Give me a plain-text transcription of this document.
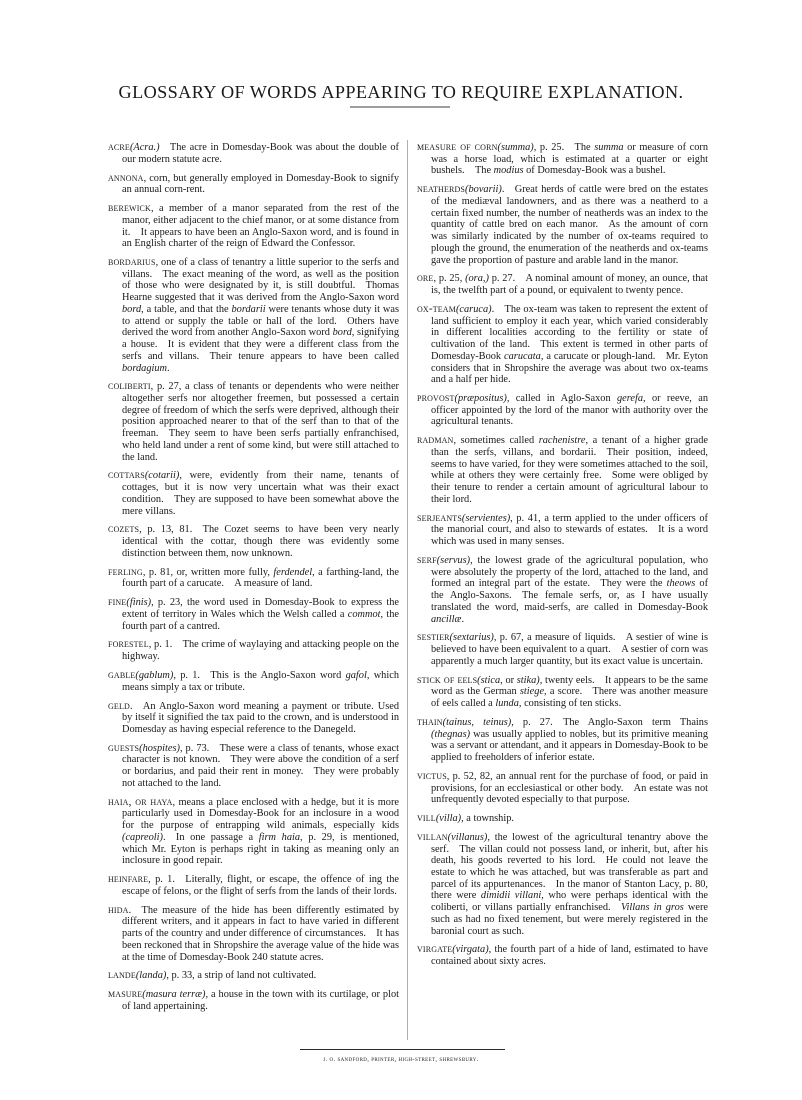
GLOSSARY OF WORDS APPEARING TO REQUIRE EXPLANATION.

acre(Acra.) The acre in Domesday-Book was about the double of our modern statute acre.

annona, corn, but generally employed in Domesday-Book to signify an annual corn-rent.

berewick, a member of a manor separated from the rest of the manor, either adjacent to the chief manor, or at some distance from it. It appears to have been an Anglo-Saxon word, and is found in an English charter of the reign of Edward the Confessor.

bordarius, one of a class of tenantry a little superior to the serfs and villans. The exact meaning of the word, as well as the position of those who were designated by it, is still doubtful. Thomas Hearne suggested that it was derived from the Anglo-Saxon word bord, a table, and that the bordarii were tenants whose duty it was to attend or supply the table or hall of the lord. Others have derived the word from another Anglo-Saxon word bord, signifying a house. It is evident that they were a different class from the serfs and villans. Their tenure appears to have been called bordagium.

coliberti, p. 27, a class of tenants or dependents who were neither altogether serfs nor altogether freemen, but possessed a certain degree of freedom of which the serfs were deprived, although their position approached nearer to that of the serf than to that of the freeman. They seem to have been serfs partially enfranchised, who held land under a rent of some kind, but were still attached to the land.

cottars(cotarii), were, evidently from their name, tenants of cottages, but it is now very uncertain what was their exact condition. They are supposed to have been somewhat above the mere villans.

cozets, p. 13, 81. The Cozet seems to have been very nearly identical with the cottar, though there was evidently some distinction between them, now unknown.

ferling, p. 81, or, written more fully, ferdendel, a farthing-land, the fourth part of a carucate. A measure of land.

fine(finis), p. 23, the word used in Domesday-Book to express the extent of territory in Wales which the Welsh called a commot, the fourth part of a cantred.

forestel, p. 1. The crime of waylaying and attacking people on the highway.

gable(gablum), p. 1. This is the Anglo-Saxon word gafol, which means simply a tax or tribute.

geld. An Anglo-Saxon word meaning a payment or tribute. Used by itself it signified the tax paid to the crown, and is understood in Domesday as having especial reference to the Danegeld.

guests(hospites), p. 73. These were a class of tenants, whose exact character is not known. They were above the condition of a serf or bordarius, and paid their rent in money. They were probably not attached to the land.

haia, or haya, means a place enclosed with a hedge, but it is more particularly used in Domesday-Book for an inclosure in a wood for the purpose of entrapping wild animals, especially kids (capreoli). In one passage a firm haia, p. 29, is mentioned, which Mr. Eyton is perhaps right in taking as meaning only an inclosure in good repair.

heinfare, p. 1. Literally, flight, or escape, the offence of ing the escape of felons, or the flight of serfs from the lands of their lords.

hida. The measure of the hide has been differently estimated by different writers, and it appears in fact to have varied in different parts of the country and under difference of circumstances. It has been reckoned that in Shropshire the average value of the hide was at the time of Domesday-Book 240 statute acres.

lande(landa), p. 33, a strip of land not cultivated.

masure(masura terræ), a house in the town with its curtilage, or plot of land appertaining.

measure of corn(summa), p. 25. The summa or measure of corn was a horse load, which is estimated at a quarter or eight bushels. The modius of Domesday-Book was a bushel.

neatherds(bovarii). Great herds of cattle were bred on the estates of the mediæval landowners, and as there was a neatherd to a certain fixed number, the number of neatherds was an index to the quantity of cattle bred on each manor. As the amount of corn was similarly indicated by the number of ox-teams required to plough the ground, the enumeration of the neatherds and ox-teams gave the proportion of pasture and arable land in the manor.

ore, p. 25, (ora,) p. 27. A nominal amount of money, an ounce, that is, the twelfth part of a pound, or equivalent to twenty pence.

ox-team(caruca). The ox-team was taken to represent the extent of land sufficient to employ it each year, which varied considerably in different localities according to the fertility or state of cultivation of the land. This extent is termed in other parts of Domesday-Book carucata, a carucate or plough-land. Mr. Eyton considers that in Shropshire the average was about two ox-teams and a half per hide.

provost(præpositus), called in Aglo-Saxon gerefa, or reeve, an officer appointed by the lord of the manor with authority over the agricultural tenants.

radman, sometimes called rachenistre, a tenant of a higher grade than the serfs, villans, and bordarii. Their position, indeed, seems to have varied, for they were sometimes attached to the soil, while at others they were certainly free. Some were obliged by their tenure to render a certain amount of agricultural labour to their lord.

serjeants(servientes), p. 41, a term applied to the under officers of the manorial court, and also to stewards of estates. It is a word which was used in many senses.

serf(servus), the lowest grade of the agricultural population, who were absolutely the property of the lord, attached to the land, and formed an integral part of the estate. They were the theows of the Anglo-Saxons. The female serfs, or, as I have usually translated the word, maid-serfs, are called in Domesday-Book ancillæ.

sestier(sextarius), p. 67, a measure of liquids. A sestier of wine is believed to have been equivalent to a quart. A sestier of corn was apparently a much larger quantity, but its exact value is uncertain.

stick of eels(stica, or stika), twenty eels. It appears to be the same word as the German stiege, a score. There was another measure of eels called a lunda, consisting of ten sticks.

thain(tainus, teinus), p. 27. The Anglo-Saxon term Thains (thegnas) was usually applied to nobles, but its primitive meaning was a servant or attendant, and it appears in Domesday-Book to be applied to freeholders of inferior estate.

victus, p. 52, 82, an annual rent for the purchase of food, or paid in provisions, for an ecclesiastical or other body. An estate was not unfrequently devoted especially to that purpose.

vill(villa), a township.

villan(villanus), the lowest of the agricultural tenantry above the serf. The villan could not possess land, or inherit, but, after his death, his goods reverted to his lord. He could not leave the estate to which he was attached, but was transferable as part and parcel of its appurtenances. In the manor of Stanton Lacy, p. 80, there were dimidii villani, who were perhaps identical with the coliberti, or villans partially enfranchised. Villans in gros were such as had no fixed tenement, but were merely registered in the baronial court as such.

virgate(virgata), the fourth part of a hide of land, estimated to have contained about sixty acres.

j. o. sandford, printer, high-street, shrewsbury.
